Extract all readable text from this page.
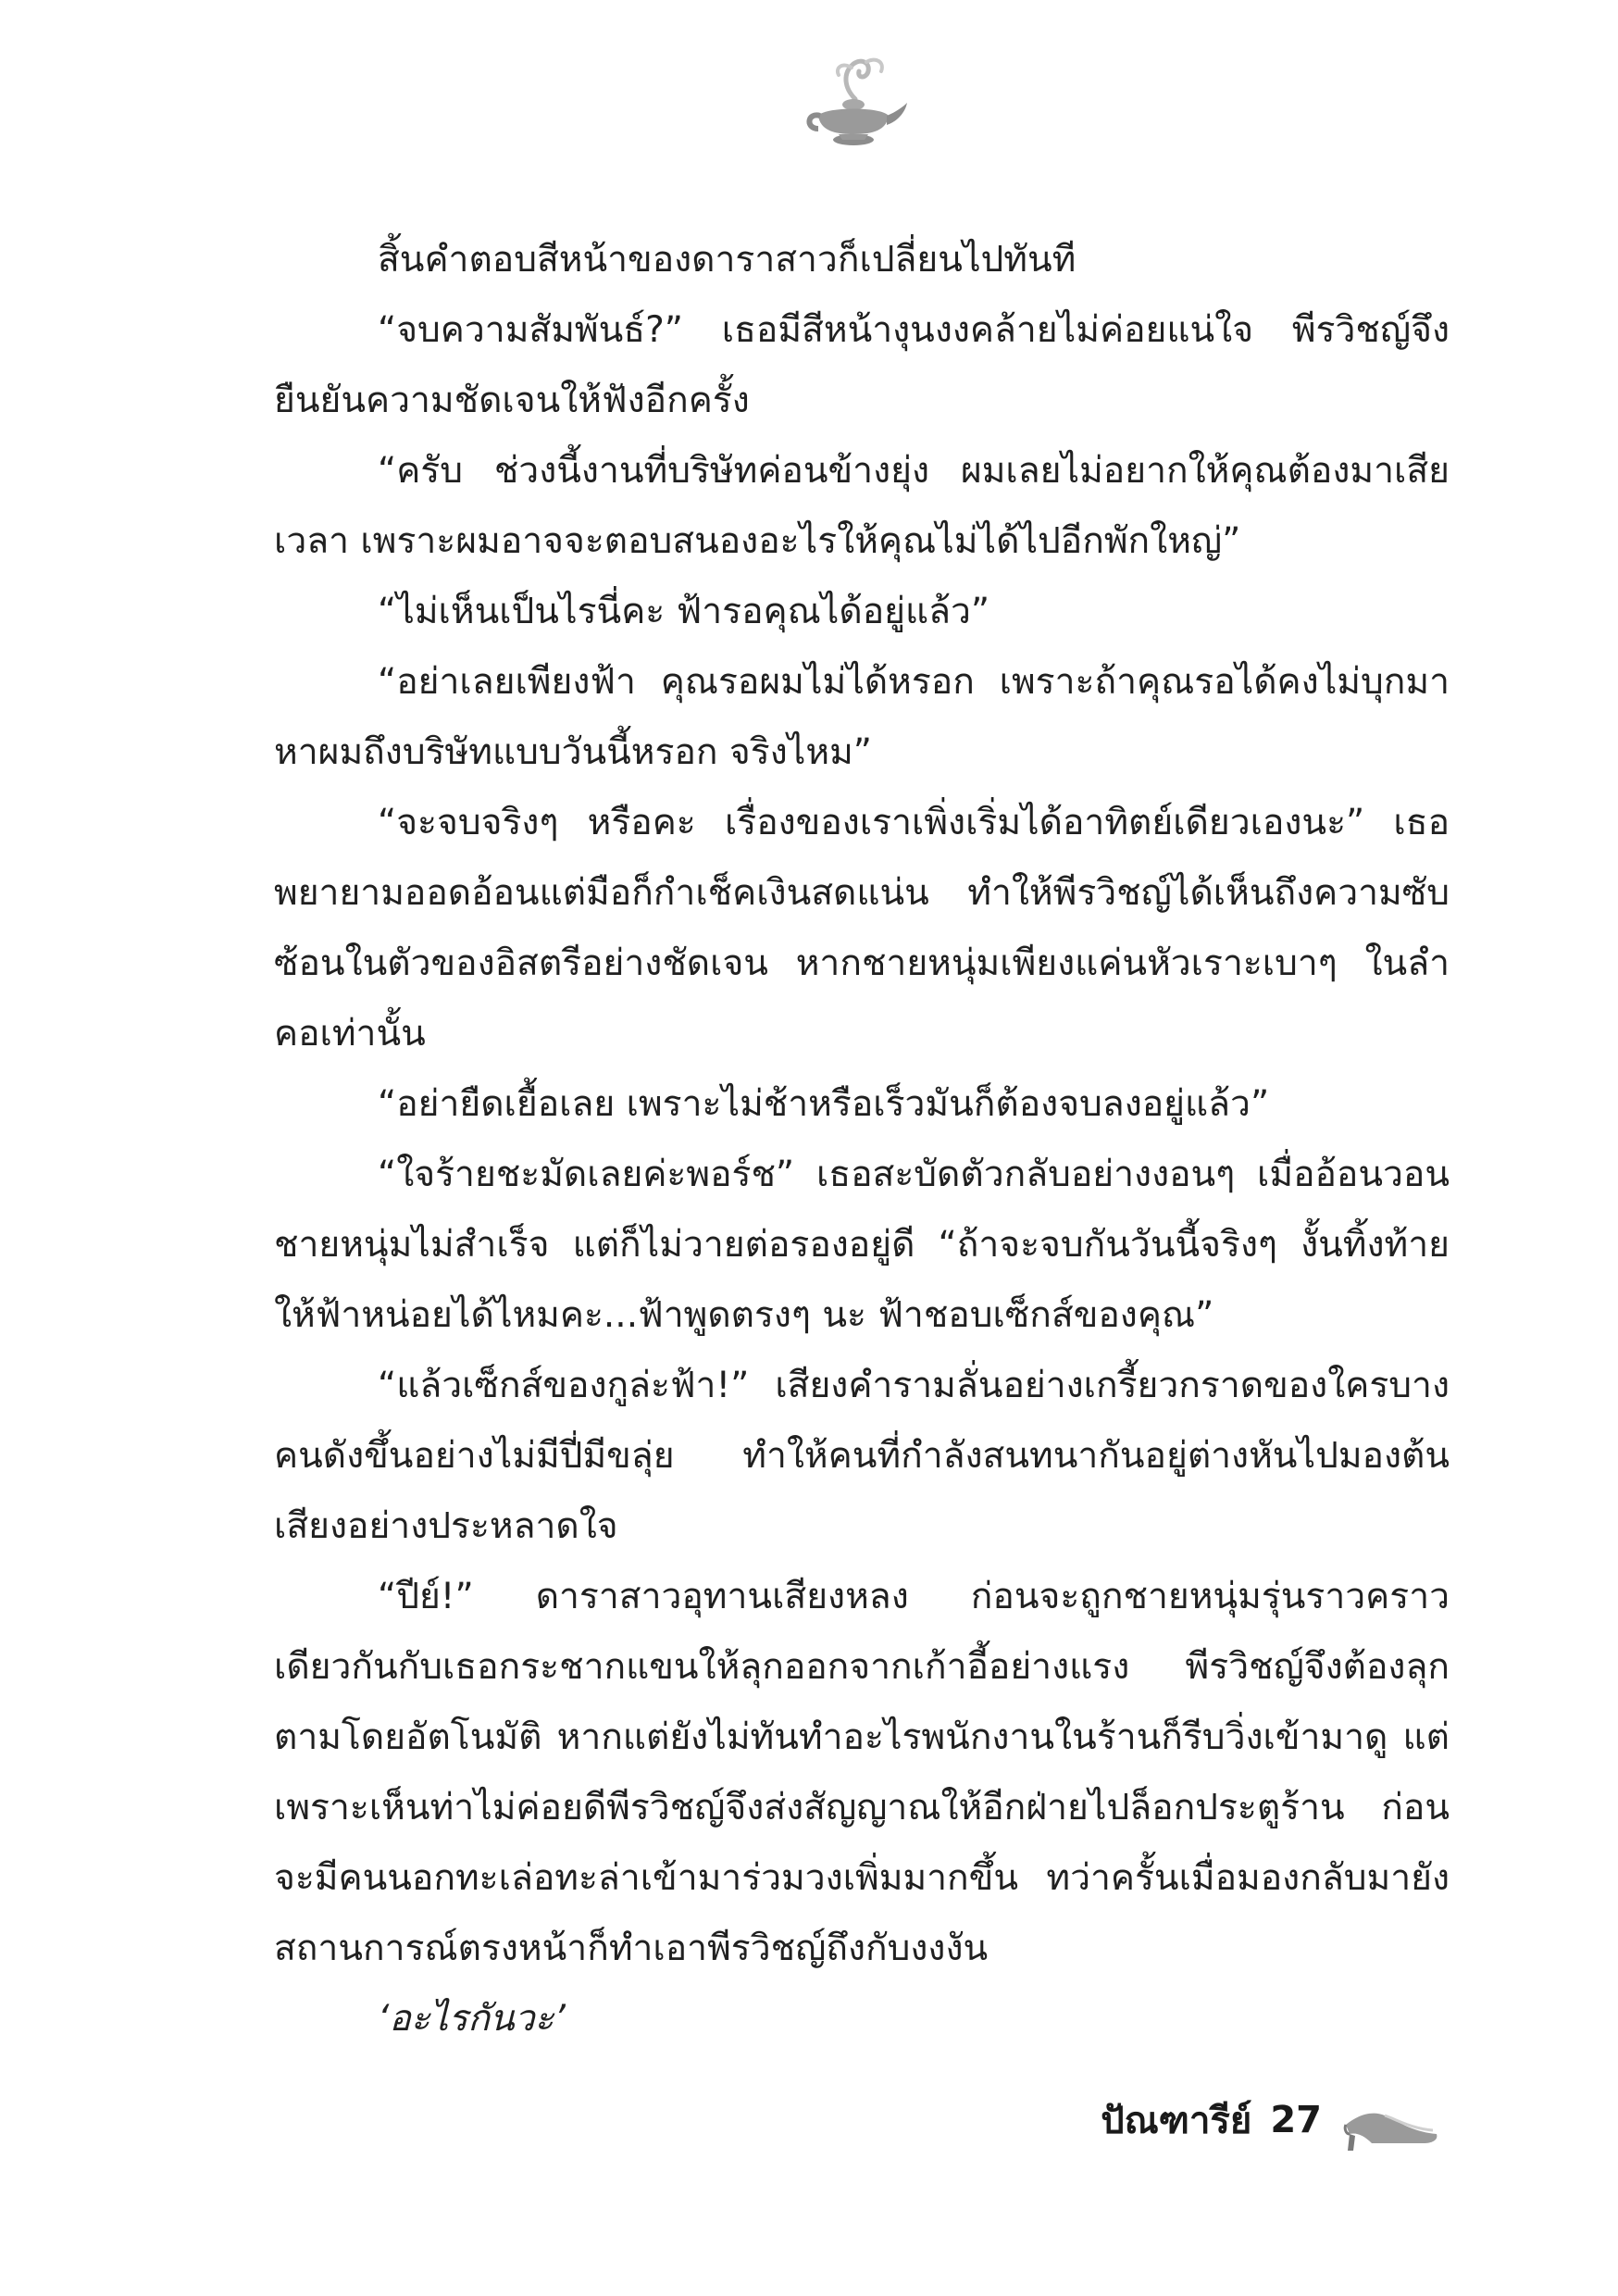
สิ้นคำตอบสีหน้าของดาราสาวก็เปลี่ยนไปทันที

“จบความสัมพันธ์?” เธอมีสีหน้างุนงงคล้ายไม่ค่อยแน่ใจ พีรวิชญ์จึงยืนยันความชัดเจนให้ฟังอีกครั้ง

“ครับ ช่วงนี้งานที่บริษัทค่อนข้างยุ่ง ผมเลยไม่อยากให้คุณต้องมาเสียเวลา เพราะผมอาจจะตอบสนองอะไรให้คุณไม่ได้ไปอีกพักใหญ่”

“ไม่เห็นเป็นไรนี่คะ ฟ้ารอคุณได้อยู่แล้ว”

“อย่าเลยเพียงฟ้า คุณรอผมไม่ได้หรอก เพราะถ้าคุณรอได้คงไม่บุกมาหาผมถึงบริษัทแบบวันนี้หรอก จริงไหม”

“จะจบจริงๆ หรือคะ เรื่องของเราเพิ่งเริ่มได้อาทิตย์เดียวเองนะ” เธอพยายามออดอ้อนแต่มือก็กำเช็คเงินสดแน่น ทำให้พีรวิชญ์ได้เห็นถึงความซับซ้อนในตัวของอิสตรีอย่างชัดเจน หากชายหนุ่มเพียงแค่นหัวเราะเบาๆ ในลำคอเท่านั้น

“อย่ายืดเยื้อเลย เพราะไม่ช้าหรือเร็วมันก็ต้องจบลงอยู่แล้ว”

“ใจร้ายชะมัดเลยค่ะพอร์ช” เธอสะบัดตัวกลับอย่างงอนๆ เมื่ออ้อนวอนชายหนุ่มไม่สำเร็จ แต่ก็ไม่วายต่อรองอยู่ดี “ถ้าจะจบกันวันนี้จริงๆ งั้นทิ้งท้ายให้ฟ้าหน่อยได้ไหมคะ...ฟ้าพูดตรงๆ นะ ฟ้าชอบเซ็กส์ของคุณ”

“แล้วเซ็กส์ของกูล่ะฟ้า!” เสียงคำรามลั่นอย่างเกรี้ยวกราดของใครบางคนดังขึ้นอย่างไม่มีปี่มีขลุ่ย ทำให้คนที่กำลังสนทนากันอยู่ต่างหันไปมองต้นเสียงอย่างประหลาดใจ

“ปีย์!” ดาราสาวอุทานเสียงหลง ก่อนจะถูกชายหนุ่มรุ่นราวคราวเดียวกันกับเธอกระชากแขนให้ลุกออกจากเก้าอี้อย่างแรง พีรวิชญ์จึงต้องลุกตามโดยอัตโนมัติ หากแต่ยังไม่ทันทำอะไรพนักงานในร้านก็รีบวิ่งเข้ามาดู แต่เพราะเห็นท่าไม่ค่อยดีพีรวิชญ์จึงส่งสัญญาณให้อีกฝ่ายไปล็อกประตูร้าน ก่อนจะมีคนนอกทะเล่อทะล่าเข้ามาร่วมวงเพิ่มมากขึ้น ทว่าครั้นเมื่อมองกลับมายังสถานการณ์ตรงหน้าก็ทำเอาพีรวิชญ์ถึงกับงงงัน

‘อะไรกันวะ’

ปัณฑารีย์ 27
